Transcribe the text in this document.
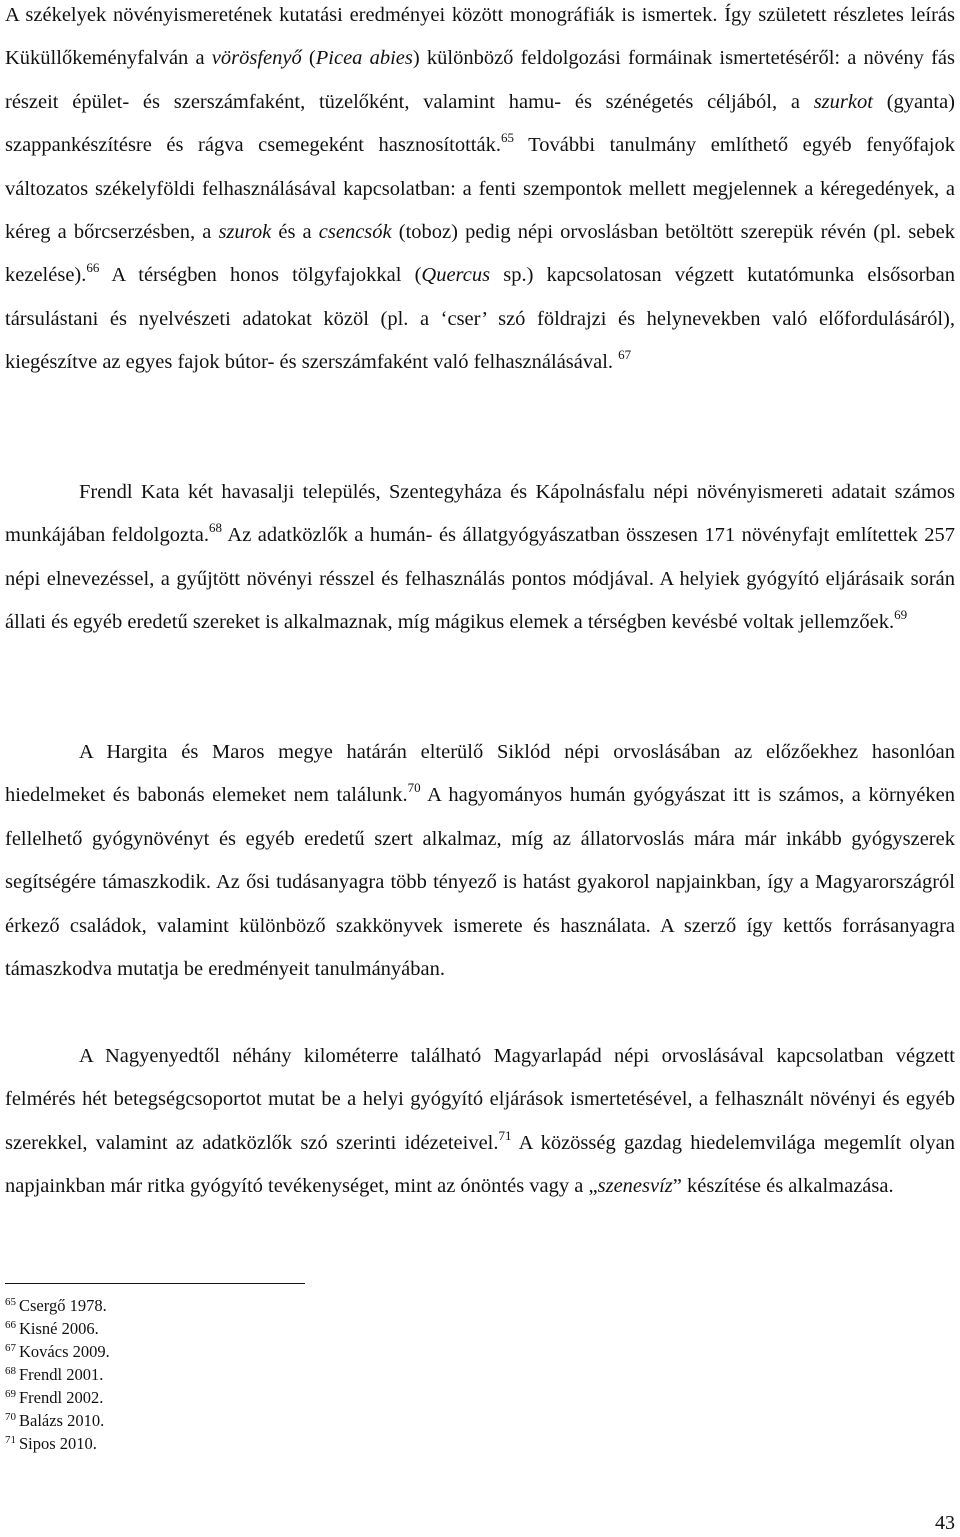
A székelyek növényismeretének kutatási eredményei között monográfiák is ismertek. Így született részletes leírás Küküllőkeményfalván a vörösfenyő (Picea abies) különböző feldolgozási formáinak ismertetéséről: a növény fás részeit épület- és szerszámfaként, tüzelőként, valamint hamu- és szénégetés céljából, a szurkot (gyanta) szappankészítésre és rágva csemegeként hasznosították.$^{65}$ További tanulmány említhető egyéb fenyőfajok változatos székelyföldi felhasználásával kapcsolatban: a fenti szempontok mellett megjelennek a kéregedények, a kéreg a bőrcserzésben, a szurok és a csencsók (toboz) pedig népi orvoslásban betöltött szerepük révén (pl. sebek kezelése).$^{66}$ A térségben honos tölgyfajokkal (Quercus sp.) kapcsolatosan végzett kutatómunka elsősorban társulástani és nyelvészeti adatokat közöl (pl. a ‘cser’ szó földrajzi és helynevekben való előfordulásáról), kiegészítve az egyes fajok bútor- és szerszámfaként való felhasználásával. $^{67}$

Frendl Kata két havasalji település, Szentegyháza és Kápolnásfalu népi növényismereti adatait számos munkájában feldolgozta.$^{68}$ Az adatközlők a humán- és állatgyógyászatban összesen 171 növényfajt említettek 257 népi elnevezéssel, a gyűjtött növényi résszel és felhasználás pontos módjával. A helyiek gyógyító eljárásaik során állati és egyéb eredetű szereket is alkalmaznak, míg mágikus elemek a térségben kevésbé voltak jellemzőek.$^{69}$

A Hargita és Maros megye határán elterülő Siklód népi orvoslásában az előzőekhez hasonlóan hiedelmeket és babonás elemeket nem találunk.$^{70}$ A hagyományos humán gyógyászat itt is számos, a környéken fellelhető gyógynövényt és egyéb eredetű szert alkalmaz, míg az állatorvoslás mára már inkább gyógyszerek segítségére támaszkodik. Az ősi tudásanyagra több tényező is hatást gyakorol napjainkban, így a Magyarországról érkező családok, valamint különböző szakkönyvek ismerete és használata. A szerző így kettős forrásanyagra támaszkodva mutatja be eredményeit tanulmányában.

A Nagyenyedtől néhány kilométerre található Magyarlapád népi orvoslásával kapcsolatban végzett felmérés hét betegségcsoportot mutat be a helyi gyógyító eljárások ismertetésével, a felhasznált növényi és egyéb szerekkel, valamint az adatközlők szó szerinti idézeteivel.$^{71}$ A közösség gazdag hiedelemvilága megemlít olyan napjainkban már ritka gyógyító tevékenységet, mint az ónöntés vagy a „szenesvíz” készítése és alkalmazása.

$^{65}$ Csergő 1978.
$^{66}$ Kisné 2006.
$^{67}$ Kovács 2009.
$^{68}$ Frendl 2001.
$^{69}$ Frendl 2002.
$^{70}$ Balázs 2010.
$^{71}$ Sipos 2010.
43
